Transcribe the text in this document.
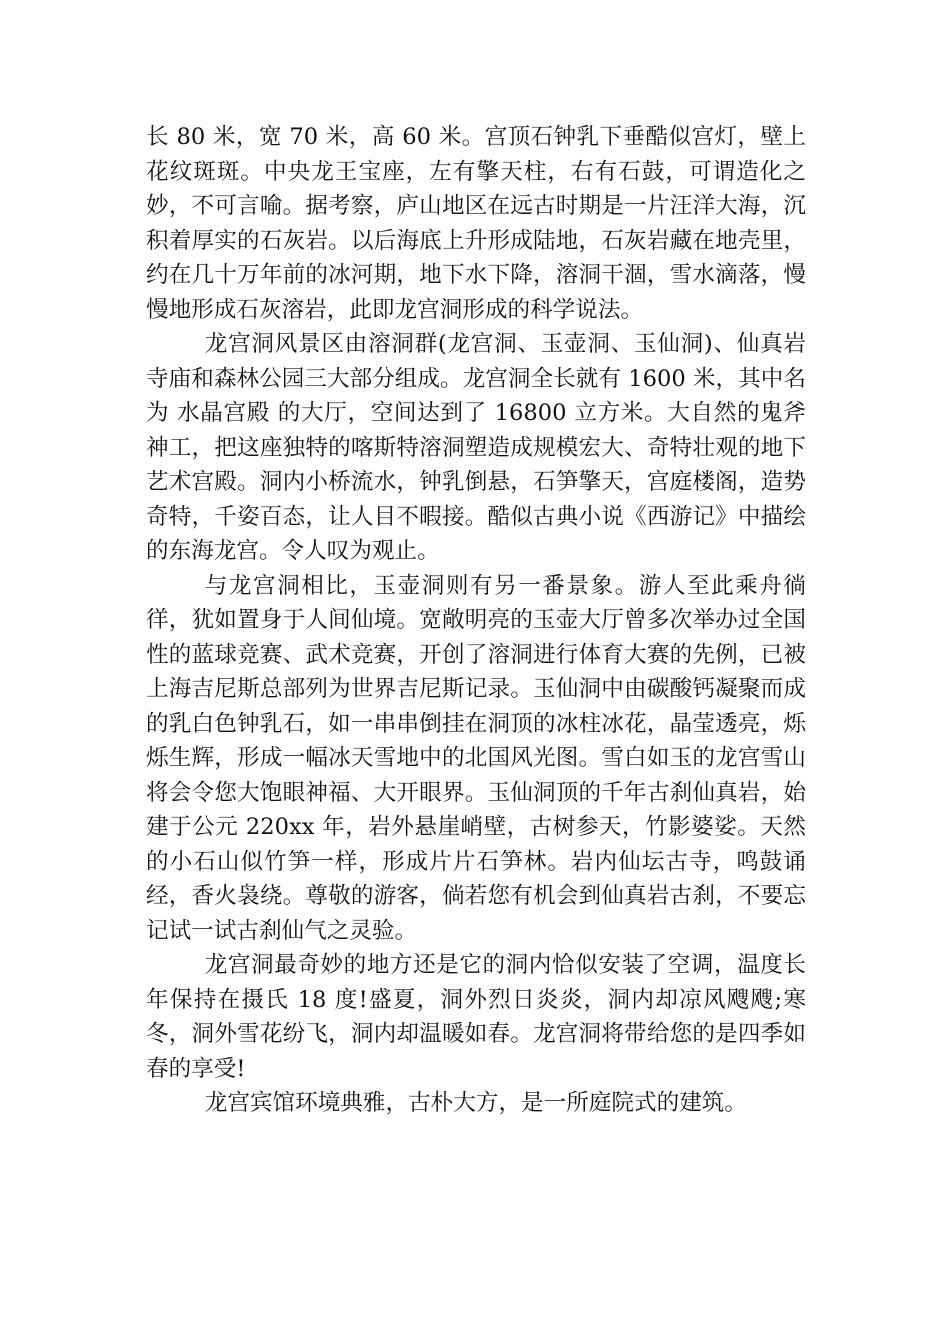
长 80 米，宽 70 米，高 60 米。宫顶石钟乳下垂酷似宫灯，壁上花纹斑斑。中央龙王宝座，左有擎天柱，右有石鼓，可谓造化之妙，不可言喻。据考察，庐山地区在远古时期是一片汪洋大海，沉积着厚实的石灰岩。以后海底上升形成陆地，石灰岩藏在地壳里，约在几十万年前的冰河期，地下水下降，溶洞干涸，雪水滴落，慢慢地形成石灰溶岩，此即龙宫洞形成的科学说法。

龙宫洞风景区由溶洞群(龙宫洞、玉壶洞、玉仙洞)、仙真岩寺庙和森林公园三大部分组成。龙宫洞全长就有 1600 米，其中名为 水晶宫殿 的大厅，空间达到了 16800 立方米。大自然的鬼斧神工，把这座独特的喀斯特溶洞塑造成规模宏大、奇特壮观的地下艺术宫殿。洞内小桥流水，钟乳倒悬，石笋擎天，宫庭楼阁，造势奇特，千姿百态，让人目不暇接。酷似古典小说《西游记》中描绘的东海龙宫。令人叹为观止。

与龙宫洞相比，玉壶洞则有另一番景象。游人至此乘舟徜徉，犹如置身于人间仙境。宽敞明亮的玉壶大厅曾多次举办过全国性的蓝球竞赛、武术竞赛，开创了溶洞进行体育大赛的先例，已被上海吉尼斯总部列为世界吉尼斯记录。玉仙洞中由碳酸钙凝聚而成的乳白色钟乳石，如一串串倒挂在洞顶的冰柱冰花，晶莹透亮，烁烁生辉，形成一幅冰天雪地中的北国风光图。雪白如玉的龙宫雪山将会令您大饱眼神福、大开眼界。玉仙洞顶的千年古刹仙真岩，始建于公元 220xx 年，岩外悬崖峭壁，古树参天，竹影婆娑。天然的小石山似竹笋一样，形成片片石笋林。岩内仙坛古寺，鸣鼓诵经，香火袅绕。尊敬的游客，倘若您有机会到仙真岩古刹，不要忘记试一试古刹仙气之灵验。

龙宫洞最奇妙的地方还是它的洞内恰似安装了空调，温度长年保持在摄氏 18 度!盛夏，洞外烈日炎炎，洞内却凉风飕飕;寒冬，洞外雪花纷飞，洞内却温暖如春。龙宫洞将带给您的是四季如春的享受!

龙宫宾馆环境典雅，古朴大方，是一所庭院式的建筑。
